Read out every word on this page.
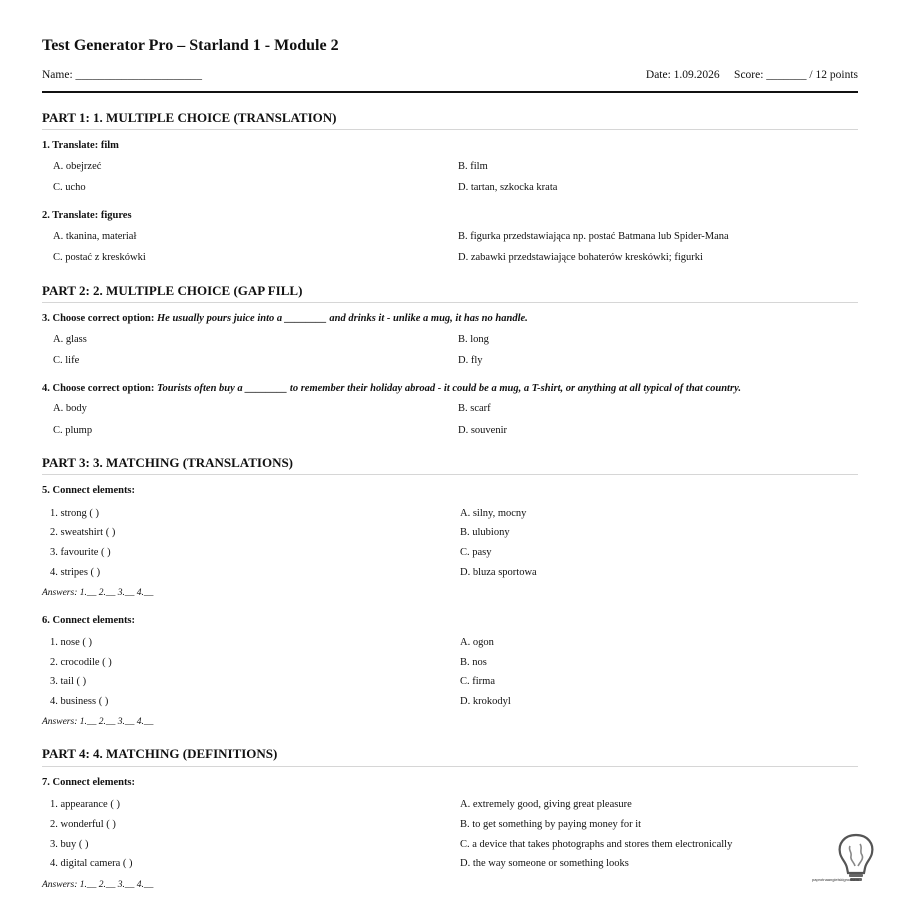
Test Generator Pro – Starland 1 - Module 2
Name: ______________________	Date: 1.09.2026 Score: _______ / 12 points
PART 1: 1. MULTIPLE CHOICE (TRANSLATION)
1. Translate: film
A. obejrzeć	B. film
C. ucho	D. tartan, szkocka krata
2. Translate: figures
A. tkanina, materiał	B. figurka przedstawiająca np. postać Batmana lub Spider-Mana
C. postać z kreskówki	D. zabawki przedstawiające bohaterów kreskówki; figurki
PART 2: 2. MULTIPLE CHOICE (GAP FILL)
3. Choose correct option: He usually pours juice into a ________ and drinks it - unlike a mug, it has no handle.
A. glass	B. long
C. life	D. fly
4. Choose correct option: Tourists often buy a ________ to remember their holiday abroad - it could be a mug, a T-shirt, or anything at all typical of that country.
A. body	B. scarf
C. plump	D. souvenir
PART 3: 3. MATCHING (TRANSLATIONS)
5. Connect elements:
1. strong ( )	A. silny, mocny
2. sweatshirt ( )	B. ulubiony
3. favourite ( )	C. pasy
4. stripes ( )	D. bluza sportowa
Answers: 1.__ 2.__ 3.__ 4.__
6. Connect elements:
1. nose ( )	A. ogon
2. crocodile ( )	B. nos
3. tail ( )	C. firma
4. business ( )	D. krokodyl
Answers: 1.__ 2.__ 3.__ 4.__
PART 4: 4. MATCHING (DEFINITIONS)
7. Connect elements:
1. appearance ( )	A. extremely good, giving great pleasure
2. wonderful ( )	B. to get something by paying money for it
3. buy ( )	C. a device that takes photographs and stores them electronically
4. digital camera ( )	D. the way someone or something looks
Answers: 1.__ 2.__ 3.__ 4.__
paprotnaangielskigrochem
